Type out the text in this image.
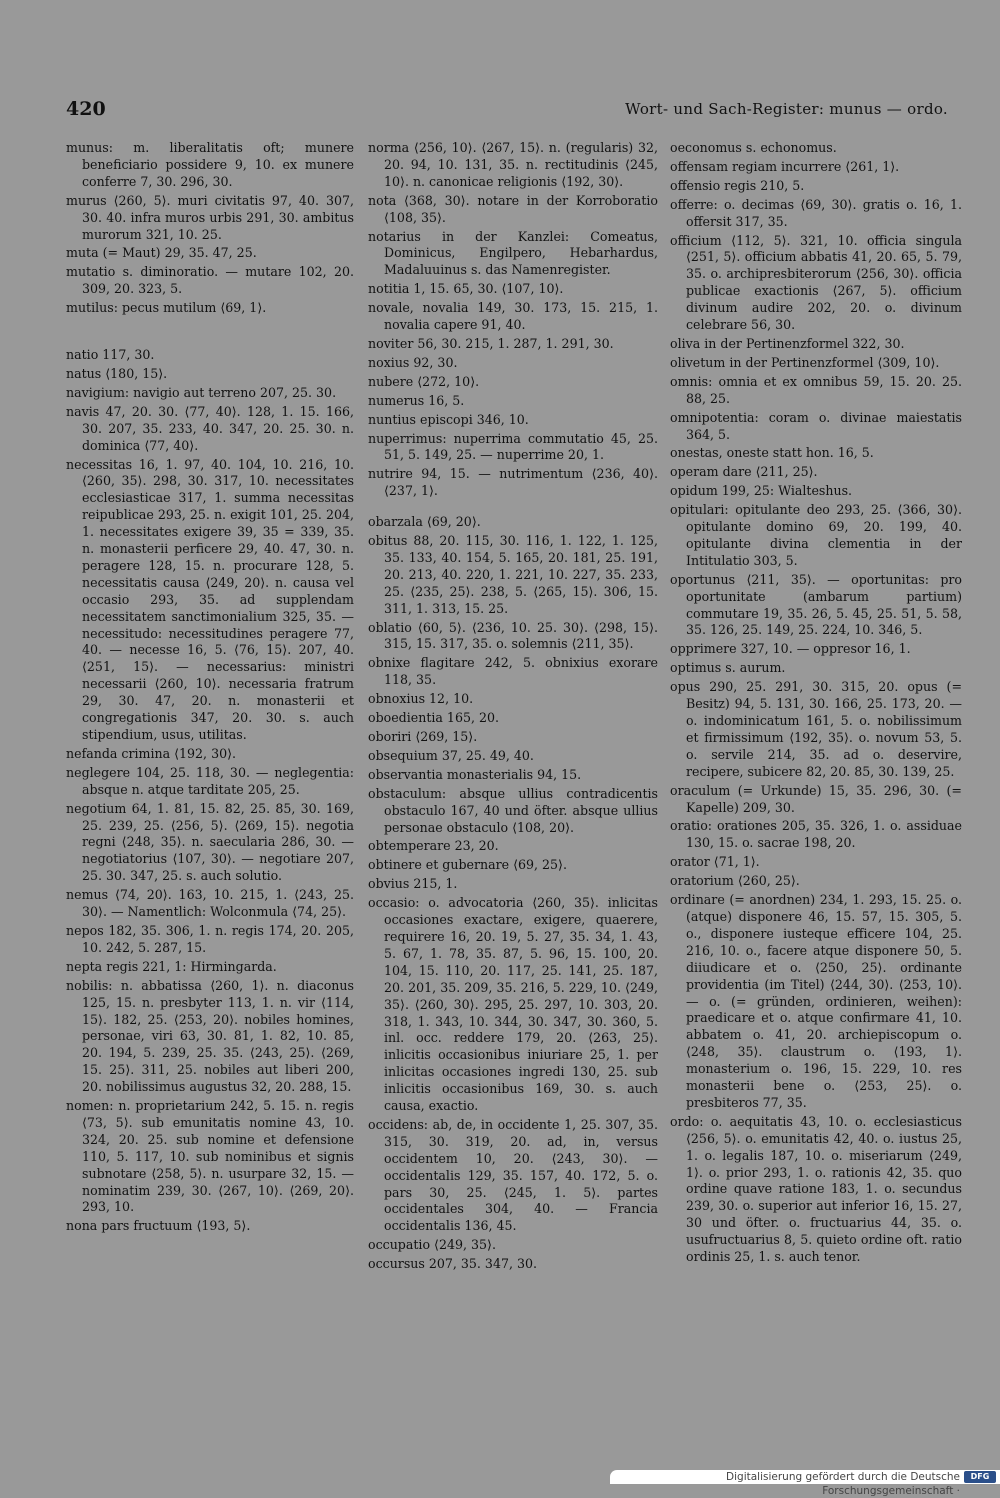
420	Wort- und Sach-Register: munus — ordo.

munus: m. liberalitatis oft; munere beneficiario possidere 9, 10. ex munere conferre 7, 30. 296, 30.

murus ⟨260, 5⟩. muri civitatis 97, 40. 307, 30. 40. infra muros urbis 291, 30. ambitus murorum 321, 10. 25.

muta (= Maut) 29, 35. 47, 25.

mutatio s. diminoratio. — mutare 102, 20. 309, 20. 323, 5.

mutilus: pecus mutilum ⟨69, 1⟩.

natio 117, 30.

natus ⟨180, 15⟩.

navigium: navigio aut terreno 207, 25. 30.

navis 47, 20. 30. ⟨77, 40⟩. 128, 1. 15. 166, 30. 207, 35. 233, 40. 347, 20. 25. 30. n. dominica ⟨77, 40⟩.

necessitas 16, 1. 97, 40. 104, 10. 216, 10. ⟨260, 35⟩. 298, 30. 317, 10. necessitates ecclesiasticae 317, 1. summa necessitas reipublicae 293, 25. n. exigit 101, 25. 204, 1. necessitates exigere 39, 35 = 339, 35. n. monasterii perficere 29, 40. 47, 30. n. peragere 128, 15. n. procurare 128, 5. necessitatis causa ⟨249, 20⟩. n. causa vel occasio 293, 35. ad supplendam necessitatem sanctimonialium 325, 35. — necessitudo: necessitudines peragere 77, 40. — necesse 16, 5. ⟨76, 15⟩. 207, 40. ⟨251, 15⟩. — necessarius: ministri necessarii ⟨260, 10⟩. necessaria fratrum 29, 30. 47, 20. n. monasterii et congregationis 347, 20. 30. s. auch stipendium, usus, utilitas.

nefanda crimina ⟨192, 30⟩.

neglegere 104, 25. 118, 30. — neglegentia: absque n. atque tarditate 205, 25.

negotium 64, 1. 81, 15. 82, 25. 85, 30. 169, 25. 239, 25. ⟨256, 5⟩. ⟨269, 15⟩. negotia regni ⟨248, 35⟩. n. saecularia 286, 30. — negotiatorius ⟨107, 30⟩. — negotiare 207, 25. 30. 347, 25. s. auch solutio.

nemus ⟨74, 20⟩. 163, 10. 215, 1. ⟨243, 25. 30⟩. — Namentlich: Wolconmula ⟨74, 25⟩.

nepos 182, 35. 306, 1. n. regis 174, 20. 205, 10. 242, 5. 287, 15.

nepta regis 221, 1: Hirmingarda.

nobilis: n. abbatissa ⟨260, 1⟩. n. diaconus 125, 15. n. presbyter 113, 1. n. vir ⟨114, 15⟩. 182, 25. ⟨253, 20⟩. nobiles homines, personae, viri 63, 30. 81, 1. 82, 10. 85, 20. 194, 5. 239, 25. 35. ⟨243, 25⟩. ⟨269, 15. 25⟩. 311, 25. nobiles aut liberi 200, 20. nobilissimus augustus 32, 20. 288, 15.

nomen: n. proprietarium 242, 5. 15. n. regis ⟨73, 5⟩. sub emunitatis nomine 43, 10. 324, 20. 25. sub nomine et defensione 110, 5. 117, 10. sub nominibus et signis subnotare ⟨258, 5⟩. n. usurpare 32, 15. — nominatim 239, 30. ⟨267, 10⟩. ⟨269, 20⟩. 293, 10.

nona pars fructuum ⟨193, 5⟩.

norma ⟨256, 10⟩. ⟨267, 15⟩. n. (regularis) 32, 20. 94, 10. 131, 35. n. rectitudinis ⟨245, 10⟩. n. canonicae religionis ⟨192, 30⟩.

nota ⟨368, 30⟩. notare in der Korroboratio ⟨108, 35⟩.

notarius in der Kanzlei: Comeatus, Dominicus, Engilpero, Hebarhardus, Madaluuinus s. das Namenregister.

notitia 1, 15. 65, 30. ⟨107, 10⟩.

novale, novalia 149, 30. 173, 15. 215, 1. novalia capere 91, 40.

noviter 56, 30. 215, 1. 287, 1. 291, 30.

noxius 92, 30.

nubere ⟨272, 10⟩.

numerus 16, 5.

nuntius episcopi 346, 10.

nuperrimus: nuperrima commutatio 45, 25. 51, 5. 149, 25. — nuperrime 20, 1.

nutrire 94, 15. — nutrimentum ⟨236, 40⟩. ⟨237, 1⟩.

obarzala ⟨69, 20⟩.

obitus 88, 20. 115, 30. 116, 1. 122, 1. 125, 35. 133, 40. 154, 5. 165, 20. 181, 25. 191, 20. 213, 40. 220, 1. 221, 10. 227, 35. 233, 25. ⟨235, 25⟩. 238, 5. ⟨265, 15⟩. 306, 15. 311, 1. 313, 15. 25.

oblatio ⟨60, 5⟩. ⟨236, 10. 25. 30⟩. ⟨298, 15⟩. 315, 15. 317, 35. o. solemnis ⟨211, 35⟩.

obnixe flagitare 242, 5. obnixius exorare 118, 35.

obnoxius 12, 10.

oboedientia 165, 20.

oboriri ⟨269, 15⟩.

obsequium 37, 25. 49, 40.

observantia monasterialis 94, 15.

obstaculum: absque ullius contradicentis obstaculo 167, 40 und öfter. absque ullius personae obstaculo ⟨108, 20⟩.

obtemperare 23, 20.

obtinere et gubernare ⟨69, 25⟩.

obvius 215, 1.

occasio: o. advocatoria ⟨260, 35⟩. inlicitas occasiones exactare, exigere, quaerere, requirere 16, 20. 19, 5. 27, 35. 34, 1. 43, 5. 67, 1. 78, 35. 87, 5. 96, 15. 100, 20. 104, 15. 110, 20. 117, 25. 141, 25. 187, 20. 201, 35. 209, 35. 216, 5. 229, 10. ⟨249, 35⟩. ⟨260, 30⟩. 295, 25. 297, 10. 303, 20. 318, 1. 343, 10. 344, 30. 347, 30. 360, 5. inl. occ. reddere 179, 20. ⟨263, 25⟩. inlicitis occasionibus iniuriare 25, 1. per inlicitas occasiones ingredi 130, 25. sub inlicitis occasionibus 169, 30. s. auch causa, exactio.

occidens: ab, de, in occidente 1, 25. 307, 35. 315, 30. 319, 20. ad, in, versus occidentem 10, 20. ⟨243, 30⟩. — occidentalis 129, 35. 157, 40. 172, 5. o. pars 30, 25. ⟨245, 1. 5⟩. partes occidentales 304, 40. — Francia occidentalis 136, 45.

occupatio ⟨249, 35⟩.

occursus 207, 35. 347, 30.

oeconomus s. echonomus.

offensam regiam incurrere ⟨261, 1⟩.

offensio regis 210, 5.

offerre: o. decimas ⟨69, 30⟩. gratis o. 16, 1. offersit 317, 35.

officium ⟨112, 5⟩. 321, 10. officia singula ⟨251, 5⟩. officium abbatis 41, 20. 65, 5. 79, 35. o. archipresbiterorum ⟨256, 30⟩. officia publicae exactionis ⟨267, 5⟩. officium divinum audire 202, 20. o. divinum celebrare 56, 30.

oliva in der Pertinenzformel 322, 30.

olivetum in der Pertinenzformel ⟨309, 10⟩.

omnis: omnia et ex omnibus 59, 15. 20. 25. 88, 25.

omnipotentia: coram o. divinae maiestatis 364, 5.

onestas, oneste statt hon. 16, 5.

operam dare ⟨211, 25⟩.

opidum 199, 25: Wialteshus.

opitulari: opitulante deo 293, 25. ⟨366, 30⟩. opitulante domino 69, 20. 199, 40. opitulante divina clementia in der Intitulatio 303, 5.

oportunus ⟨211, 35⟩. — oportunitas: pro oportunitate (ambarum partium) commutare 19, 35. 26, 5. 45, 25. 51, 5. 58, 35. 126, 25. 149, 25. 224, 10. 346, 5.

opprimere 327, 10. — oppresor 16, 1.

optimus s. aurum.

opus 290, 25. 291, 30. 315, 20. opus (= Besitz) 94, 5. 131, 30. 166, 25. 173, 20. — o. indominicatum 161, 5. o. nobilissimum et firmissimum ⟨192, 35⟩. o. novum 53, 5. o. servile 214, 35. ad o. deservire, recipere, subicere 82, 20. 85, 30. 139, 25.

oraculum (= Urkunde) 15, 35. 296, 30. (= Kapelle) 209, 30.

oratio: orationes 205, 35. 326, 1. o. assiduae 130, 15. o. sacrae 198, 20.

orator ⟨71, 1⟩.

oratorium ⟨260, 25⟩.

ordinare (= anordnen) 234, 1. 293, 15. 25. o. (atque) disponere 46, 15. 57, 15. 305, 5. o., disponere iusteque efficere 104, 25. 216, 10. o., facere atque disponere 50, 5. diiudicare et o. ⟨250, 25⟩. ordinante providentia (im Titel) ⟨244, 30⟩. ⟨253, 10⟩. — o. (= gründen, ordinieren, weihen): praedicare et o. atque confirmare 41, 10. abbatem o. 41, 20. archiepiscopum o. ⟨248, 35⟩. claustrum o. ⟨193, 1⟩. monasterium o. 196, 15. 229, 10. res monasterii bene o. ⟨253, 25⟩. o. presbiteros 77, 35.

ordo: o. aequitatis 43, 10. o. ecclesiasticus ⟨256, 5⟩. o. emunitatis 42, 40. o. iustus 25, 1. o. legalis 187, 10. o. miseriarum ⟨249, 1⟩. o. prior 293, 1. o. rationis 42, 35. quo ordine quave ratione 183, 1. o. secundus 239, 30. o. superior aut inferior 16, 15. 27, 30 und öfter. o. fructuarius 44, 35. o. usufructuarius 8, 5. quieto ordine oft. ratio ordinis 25, 1. s. auch tenor.

Digitalisierung gefördert durch die Deutsche Forschungsgemeinschaft ·
DFG
